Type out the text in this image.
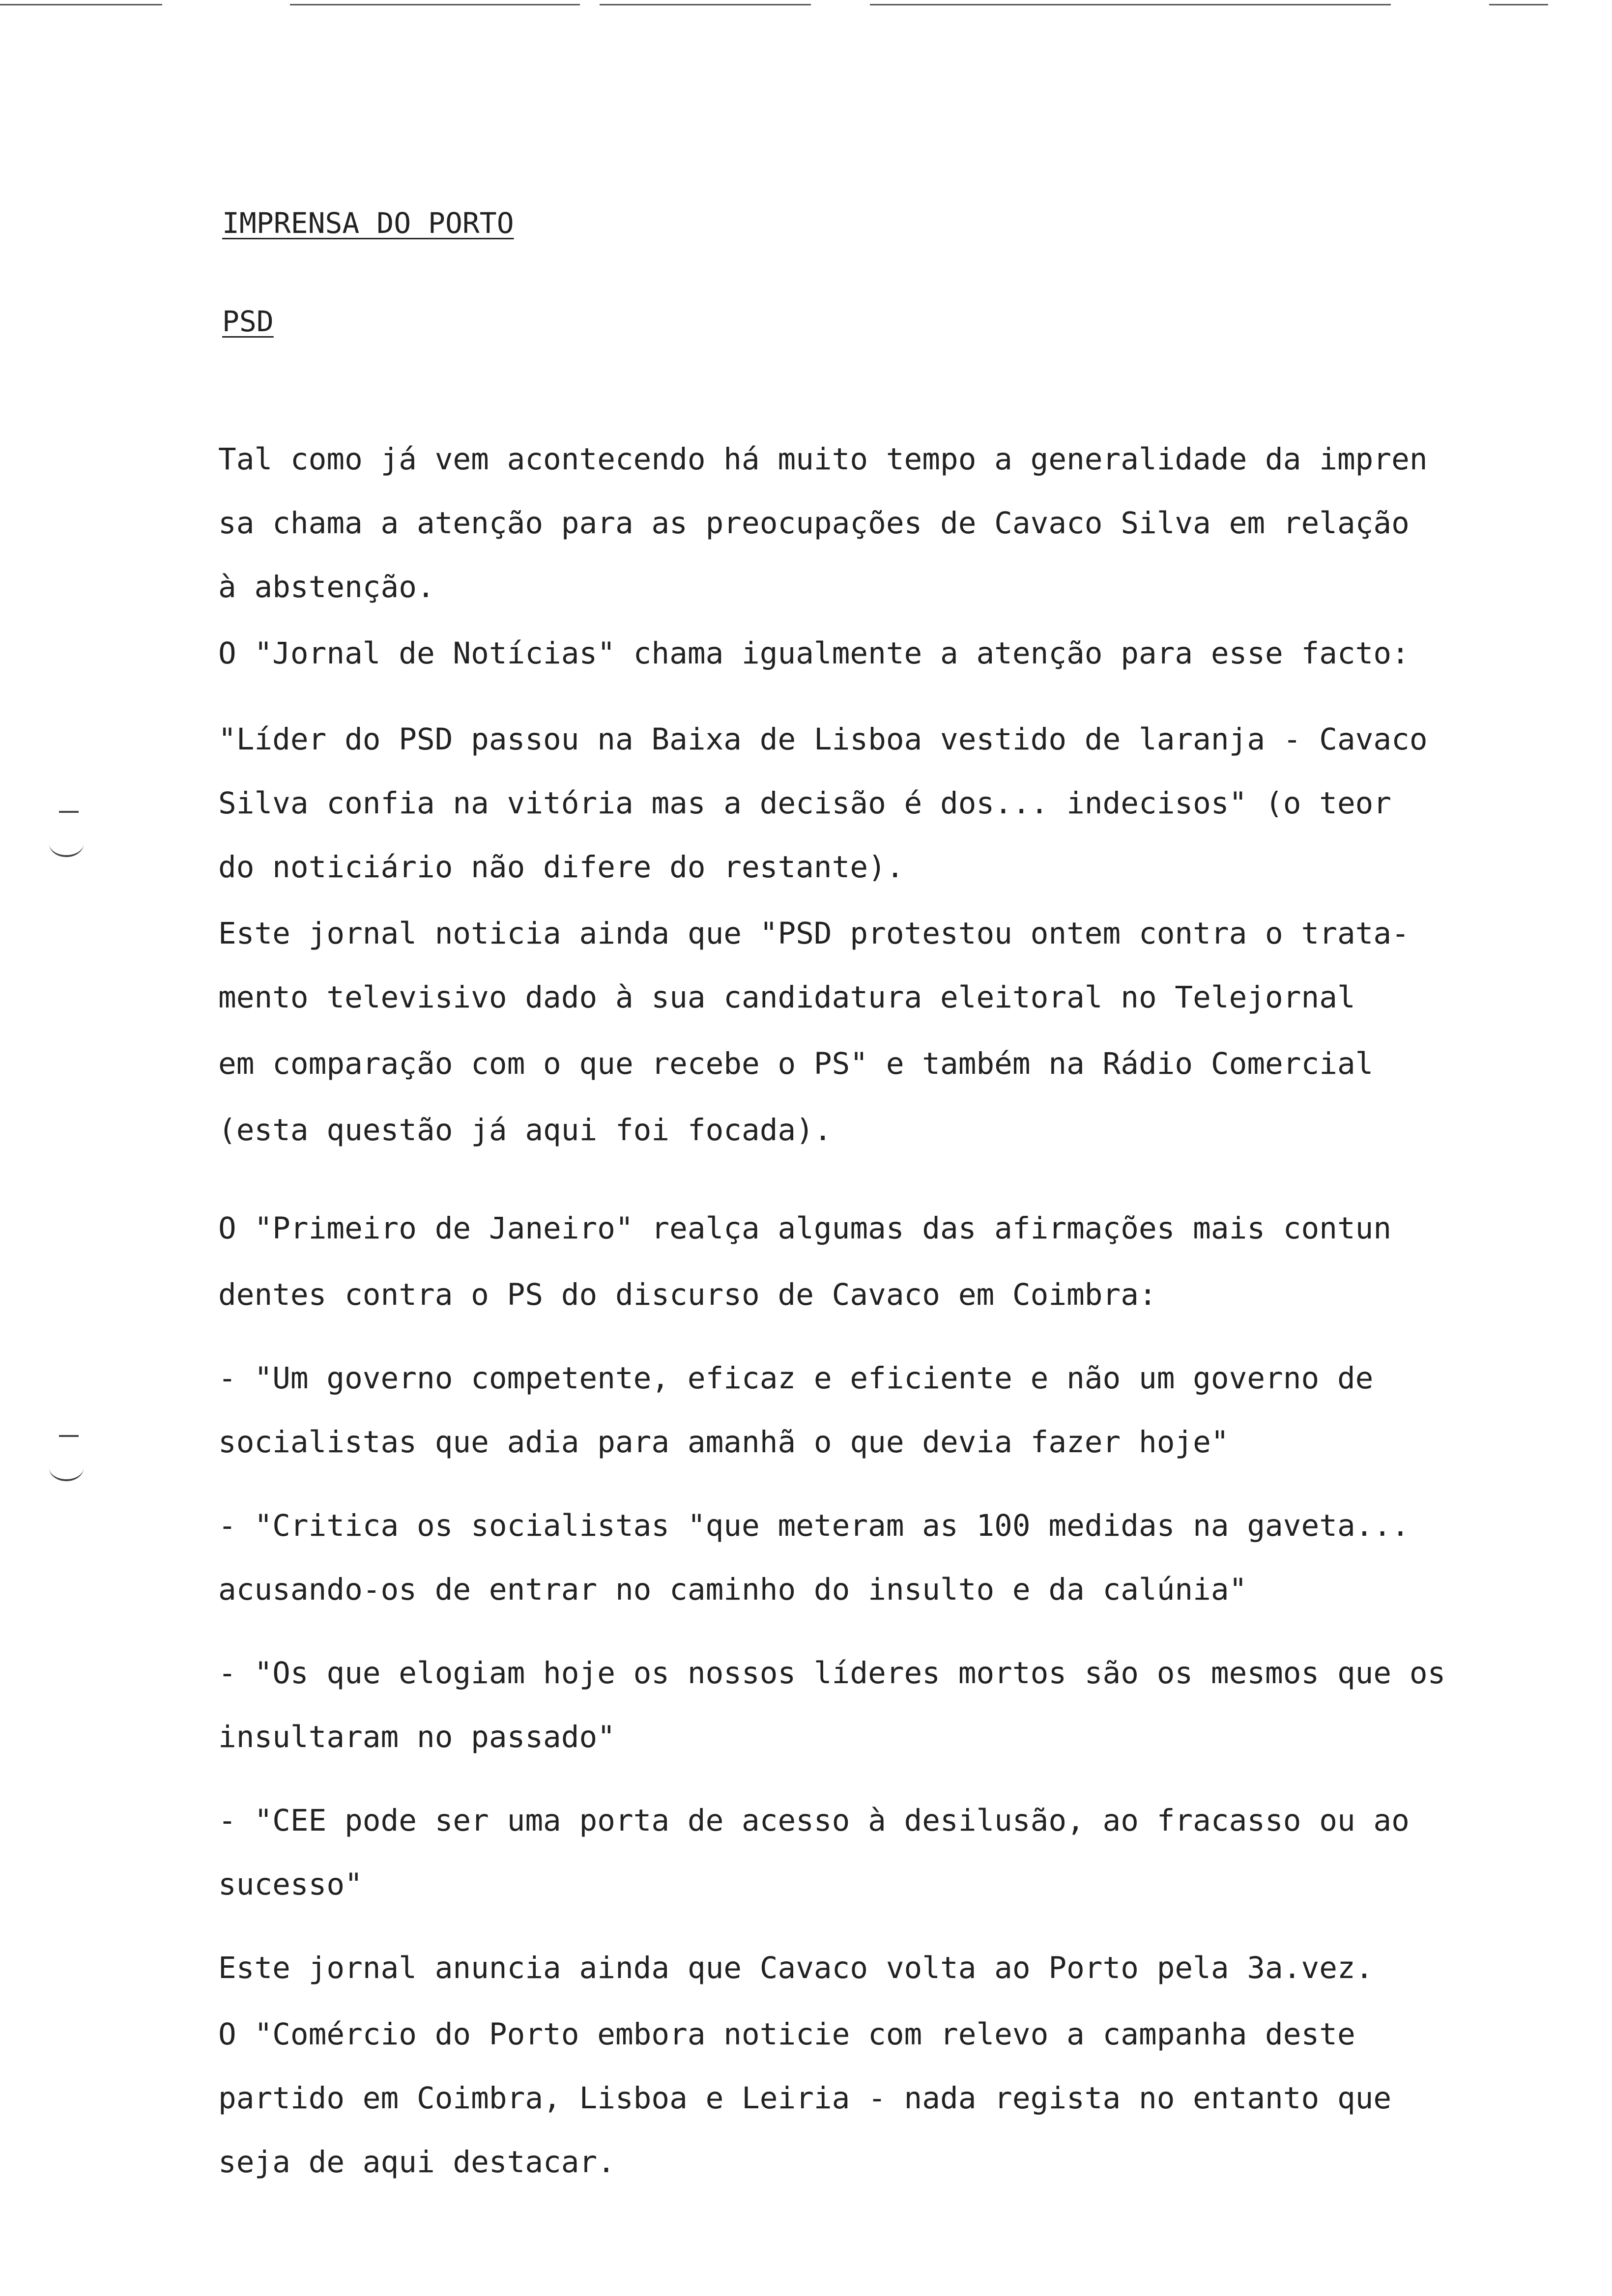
IMPRENSA DO PORTO
PSD
Tal como já vem acontecendo há muito tempo a generalidade da impren
sa chama a atenção para as preocupações de Cavaco Silva em relação
à abstenção.
O "Jornal de Notícias" chama igualmente a atenção para esse facto:
"Líder do PSD passou na Baixa de Lisboa vestido de laranja - Cavaco
Silva confia na vitória mas a decisão é dos... indecisos" (o teor
do noticiário não difere do restante).
Este jornal noticia ainda que "PSD protestou ontem contra o trata-
mento televisivo dado à sua candidatura eleitoral no Telejornal
em comparação com o que recebe o PS" e também na Rádio Comercial
(esta questão já aqui foi focada).
O "Primeiro de Janeiro" realça algumas das afirmações mais contun
dentes contra o PS do discurso de Cavaco em Coimbra:
- "Um governo competente, eficaz e eficiente e não um governo de
socialistas que adia para amanhã o que devia fazer hoje"
- "Critica os socialistas "que meteram as 100 medidas na gaveta...
acusando-os de entrar no caminho do insulto e da calúnia"
- "Os que elogiam hoje os nossos líderes mortos são os mesmos que os
insultaram no passado"
- "CEE pode ser uma porta de acesso à desilusão, ao fracasso ou ao
sucesso"
Este jornal anuncia ainda que Cavaco volta ao Porto pela 3a.vez.
O "Comércio do Porto embora noticie com relevo a campanha deste
partido em Coimbra, Lisboa e Leiria - nada regista no entanto que
seja de aqui destacar.
